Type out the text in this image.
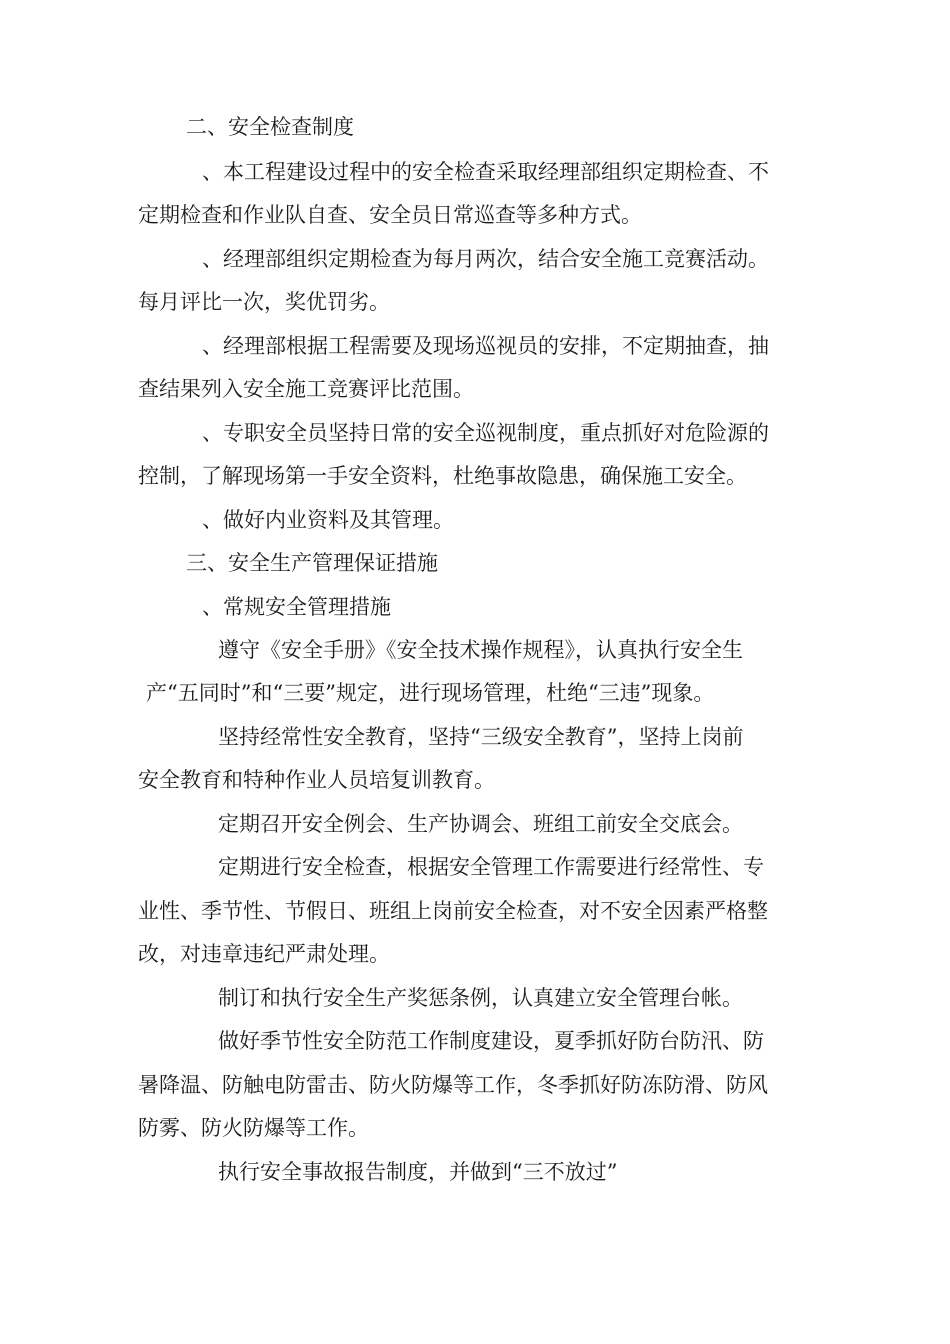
二、安全检查制度

、本工程建设过程中的安全检查采取经理部组织定期检查、不

定期检查和作业队自查、安全员日常巡查等多种方式。

、经理部组织定期检查为每月两次，结合安全施工竞赛活动。

每月评比一次，奖优罚劣。

、经理部根据工程需要及现场巡视员的安排，不定期抽查，抽

查结果列入安全施工竞赛评比范围。

、专职安全员坚持日常的安全巡视制度，重点抓好对危险源的

控制，了解现场第一手安全资料，杜绝事故隐患，确保施工安全。

、做好内业资料及其管理。

三、安全生产管理保证措施

、常规安全管理措施

遵守《安全手册》《安全技术操作规程》，认真执行安全生

产“五同时”和“三要”规定，进行现场管理，杜绝“三违”现象。

坚持经常性安全教育，坚持“三级安全教育”，坚持上岗前

安全教育和特种作业人员培复训教育。

定期召开安全例会、生产协调会、班组工前安全交底会。

定期进行安全检查，根据安全管理工作需要进行经常性、专

业性、季节性、节假日、班组上岗前安全检查，对不安全因素严格整

改，对违章违纪严肃处理。

制订和执行安全生产奖惩条例，认真建立安全管理台帐。

做好季节性安全防范工作制度建设，夏季抓好防台防汛、防

暑降温、防触电防雷击、防火防爆等工作，冬季抓好防冻防滑、防风

防雾、防火防爆等工作。

执行安全事故报告制度，并做到“三不放过”
